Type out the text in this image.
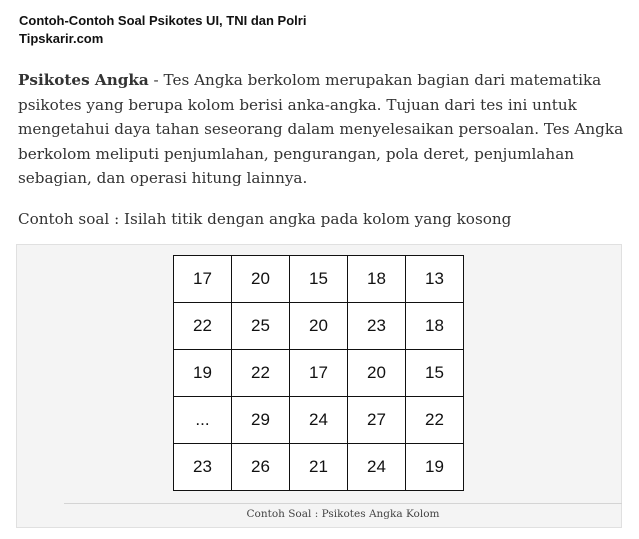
Contoh-Contoh Soal Psikotes UI, TNI dan Polri
Tipskarir.com
Psikotes Angka - Tes Angka berkolom merupakan bagian dari matematika psikotes yang berupa kolom berisi anka-angka. Tujuan dari tes ini untuk mengetahui daya tahan seseorang dalam menyelesaikan persoalan. Tes Angka berkolom meliputi penjumlahan, pengurangan, pola deret, penjumlahan sebagian, dan operasi hitung lainnya.
Contoh soal : Isilah titik dengan angka pada kolom yang kosong
17	20	15	18	13
22	25	20	23	18
19	22	17	20	15
...	29	24	27	22
23	26	21	24	19
Contoh Soal : Psikotes Angka Kolom
